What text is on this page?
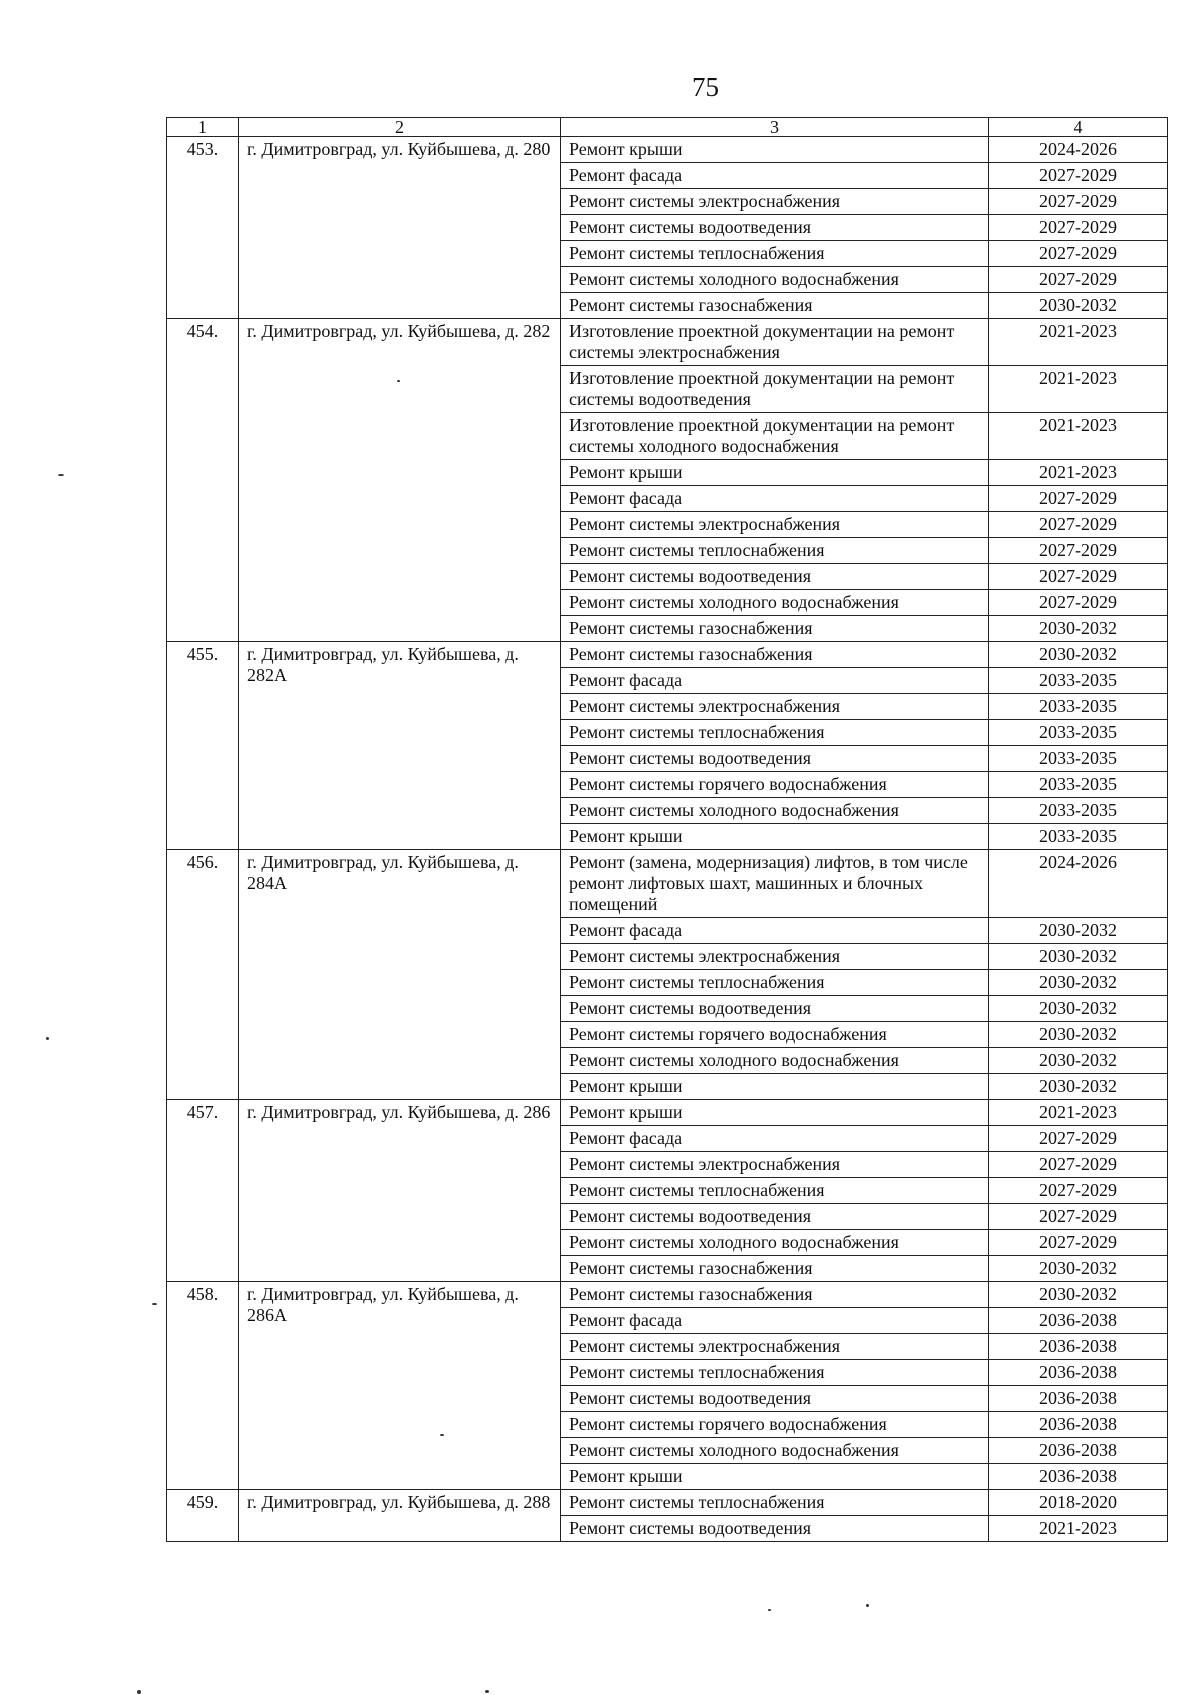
75
1	2	3	4
453.	г. Димитровград, ул. Куйбышева, д. 280	Ремонт крыши	2024-2026
		Ремонт фасада	2027-2029
		Ремонт системы электроснабжения	2027-2029
		Ремонт системы водоотведения	2027-2029
		Ремонт системы теплоснабжения	2027-2029
		Ремонт системы холодного водоснабжения	2027-2029
		Ремонт системы газоснабжения	2030-2032
454.	г. Димитровград, ул. Куйбышева, д. 282	Изготовление проектной документации на ремонт системы электроснабжения	2021-2023
		Изготовление проектной документации на ремонт системы водоотведения	2021-2023
		Изготовление проектной документации на ремонт системы холодного водоснабжения	2021-2023
		Ремонт крыши	2021-2023
		Ремонт фасада	2027-2029
		Ремонт системы электроснабжения	2027-2029
		Ремонт системы теплоснабжения	2027-2029
		Ремонт системы водоотведения	2027-2029
		Ремонт системы холодного водоснабжения	2027-2029
		Ремонт системы газоснабжения	2030-2032
455.	г. Димитровград, ул. Куйбышева, д. 282А	Ремонт системы газоснабжения	2030-2032
		Ремонт фасада	2033-2035
		Ремонт системы электроснабжения	2033-2035
		Ремонт системы теплоснабжения	2033-2035
		Ремонт системы водоотведения	2033-2035
		Ремонт системы горячего водоснабжения	2033-2035
		Ремонт системы холодного водоснабжения	2033-2035
		Ремонт крыши	2033-2035
456.	г. Димитровград, ул. Куйбышева, д. 284А	Ремонт (замена, модернизация) лифтов, в том числе ремонт лифтовых шахт, машинных и блочных помещений	2024-2026
		Ремонт фасада	2030-2032
		Ремонт системы электроснабжения	2030-2032
		Ремонт системы теплоснабжения	2030-2032
		Ремонт системы водоотведения	2030-2032
		Ремонт системы горячего водоснабжения	2030-2032
		Ремонт системы холодного водоснабжения	2030-2032
		Ремонт крыши	2030-2032
457.	г. Димитровград, ул. Куйбышева, д. 286	Ремонт крыши	2021-2023
		Ремонт фасада	2027-2029
		Ремонт системы электроснабжения	2027-2029
		Ремонт системы теплоснабжения	2027-2029
		Ремонт системы водоотведения	2027-2029
		Ремонт системы холодного водоснабжения	2027-2029
		Ремонт системы газоснабжения	2030-2032
458.	г. Димитровград, ул. Куйбышева, д. 286А	Ремонт системы газоснабжения	2030-2032
		Ремонт фасада	2036-2038
		Ремонт системы электроснабжения	2036-2038
		Ремонт системы теплоснабжения	2036-2038
		Ремонт системы водоотведения	2036-2038
		Ремонт системы горячего водоснабжения	2036-2038
		Ремонт системы холодного водоснабжения	2036-2038
		Ремонт крыши	2036-2038
459.	г. Димитровград, ул. Куйбышева, д. 288	Ремонт системы теплоснабжения	2018-2020
		Ремонт системы водоотведения	2021-2023
